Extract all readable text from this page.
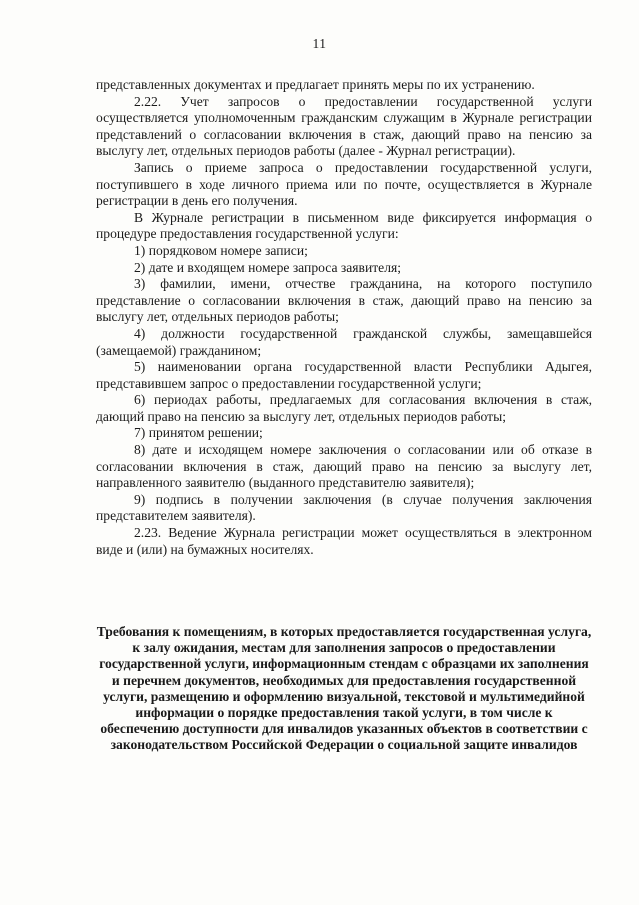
11

представленных документах и предлагает принять меры по их устранению.

2.22. Учет запросов о предоставлении государственной услуги осуществляется уполномоченным гражданским служащим в Журнале регистрации представлений о согласовании включения в стаж, дающий право на пенсию за выслугу лет, отдельных периодов работы (далее - Журнал регистрации).

Запись о приеме запроса о предоставлении государственной услуги, поступившего в ходе личного приема или по почте, осуществляется в Журнале регистрации в день его получения.

В Журнале регистрации в письменном виде фиксируется информация о процедуре предоставления государственной услуги:

1) порядковом номере записи;

2) дате и входящем номере запроса заявителя;

3) фамилии, имени, отчестве гражданина, на которого поступило представление о согласовании включения в стаж, дающий право на пенсию за выслугу лет, отдельных периодов работы;

4) должности государственной гражданской службы, замещавшейся (замещаемой) гражданином;

5) наименовании органа государственной власти Республики Адыгея, представившем запрос о предоставлении государственной услуги;

6) периодах работы, предлагаемых для согласования включения в стаж, дающий право на пенсию за выслугу лет, отдельных периодов работы;

7) принятом решении;

8) дате и исходящем номере заключения о согласовании или об отказе в согласовании включения в стаж, дающий право на пенсию за выслугу лет, направленного заявителю (выданного представителю заявителя);

9) подпись в получении заключения (в случае получения заключения представителем заявителя).

2.23. Ведение Журнала регистрации может осуществляться в электронном виде и (или) на бумажных носителях.

Требования к помещениям, в которых предоставляется государственная услуга, к залу ожидания, местам для заполнения запросов о предоставлении государственной услуги, информационным стендам с образцами их заполнения и перечнем документов, необходимых для предоставления государственной услуги, размещению и оформлению визуальной, текстовой и мультимедийной информации о порядке предоставления такой услуги, в том числе к обеспечению доступности для инвалидов указанных объектов в соответствии с законодательством Российской Федерации о социальной защите инвалидов
